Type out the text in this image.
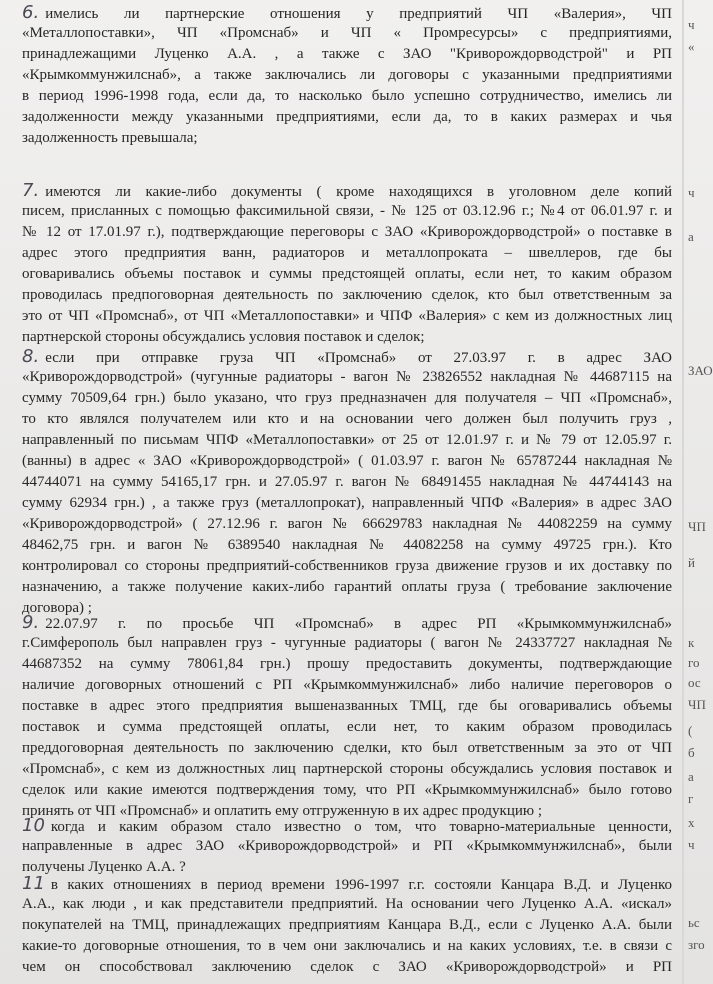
6. имелись ли партнерские отношения у предприятий ЧП «Валерия», ЧП
«Металлопоставки», ЧП «Промснаб» и ЧП « Промресурсы» с предприятиями,
принадлежащими Луценко А.А. , а также с ЗАО "Криворождорводстрой" и РП
«Крымкоммунжилснаб», а также заключались ли договоры с указанными предприятиями
в период 1996-1998 года, если да, то насколько было успешно сотрудничество, имелись ли
задолженности между указанными предприятиями, если да, то в каких размерах и чья
задолженность превышала;
7. имеются ли какие-либо документы ( кроме находящихся в уголовном деле копий
писем, присланных с помощью факсимильной связи, - № 125 от 03.12.96 г.; №4 от 06.01.97 г. и
№ 12 от 17.01.97 г.), подтверждающие переговоры с ЗАО «Криворождорводстрой» о поставке в
адрес этого предприятия ванн, радиаторов и металлопроката – швеллеров, где бы
оговаривались объемы поставок и суммы предстоящей оплаты, если нет, то каким образом
проводилась предпоговорная деятельность по заключению сделок, кто был ответственным за
это от ЧП «Промснаб», от ЧП «Металлопоставки» и ЧПФ «Валерия» с кем из должностных лиц
партнерской стороны обсуждались условия поставок и сделок;
8. если при отправке груза ЧП «Промснаб» от 27.03.97 г. в адрес ЗАО
«Криворождорводстрой» (чугунные радиаторы - вагон № 23826552 накладная № 44687115 на
сумму 70509,64 грн.) было указано, что груз предназначен для получателя – ЧП «Промснаб»,
то кто являлся получателем или кто и на основании чего должен был получить груз ,
направленный по письмам ЧПФ «Металлопоставки» от 25 от 12.01.97 г. и № 79 от 12.05.97 г.
(ванны) в адрес « ЗАО «Криворождорводстрой» ( 01.03.97 г. вагон № 65787244 накладная №
44744071 на сумму 54165,17 грн. и 27.05.97 г. вагон № 68491455 накладная № 44744143 на
сумму 62934 грн.) , а также груз (металлопрокат), направленный ЧПФ «Валерия» в адрес ЗАО
«Криворождорводстрой» ( 27.12.96 г. вагон № 66629783 накладная № 44082259 на сумму
48462,75 грн. и вагон № 6389540 накладная № 44082258 на сумму 49725 грн.). Кто
контролировал со стороны предприятий-собственников груза движение грузов и их доставку по
назначению, а также получение каких-либо гарантий оплаты груза ( требование заключение
договора) ;
9. 22.07.97 г. по просьбе ЧП «Промснаб» в адрес РП «Крымкоммунжилснаб»
г.Симферополь был направлен груз - чугунные радиаторы ( вагон № 24337727 накладная №
44687352 на сумму 78061,84 грн.) прошу предоставить документы, подтверждающие
наличие договорных отношений с РП «Крымкоммунжилснаб» либо наличие переговоров о
поставке в адрес этого предприятия вышеназванных ТМЦ, где бы оговаривались объемы
поставок и сумма предстоящей оплаты, если нет, то каким образом проводилась
преддоговорная деятельность по заключению сделки, кто был ответственным за это от ЧП
«Промснаб», с кем из должностных лиц партнерской стороны обсуждались условия поставок и
сделок или какие имеются подтверждения тому, что РП «Крымкоммунжилснаб» было готово
принять от ЧП «Промснаб» и оплатить ему отгруженную в их адрес продукцию ;
10 когда и каким образом стало известно о том, что товарно-материальные ценности,
направленные в адрес ЗАО «Криворождорводстрой» и РП «Крымкоммунжилснаб», были
получены Луценко А.А. ?
11 в каких отношениях в период времени 1996-1997 г.г. состояли Канцара В.Д. и Луценко
А.А., как люди , и как представители предприятий. На основании чего Луценко А.А. «искал»
покупателей на ТМЦ, принадлежащих предприятиям Канцара В.Д., если с Луценко А.А. были
какие-то договорные отношения, то в чем они заключались и на каких условиях, т.е. в связи с
чем он способствовал заключению сделок с ЗАО «Криворождорводстрой» и РП
ч
«
ч
а
ЗАО
ЧП
й
к
го
ос
ЧП
(
б
а
г
х
ч
ьс
зго
